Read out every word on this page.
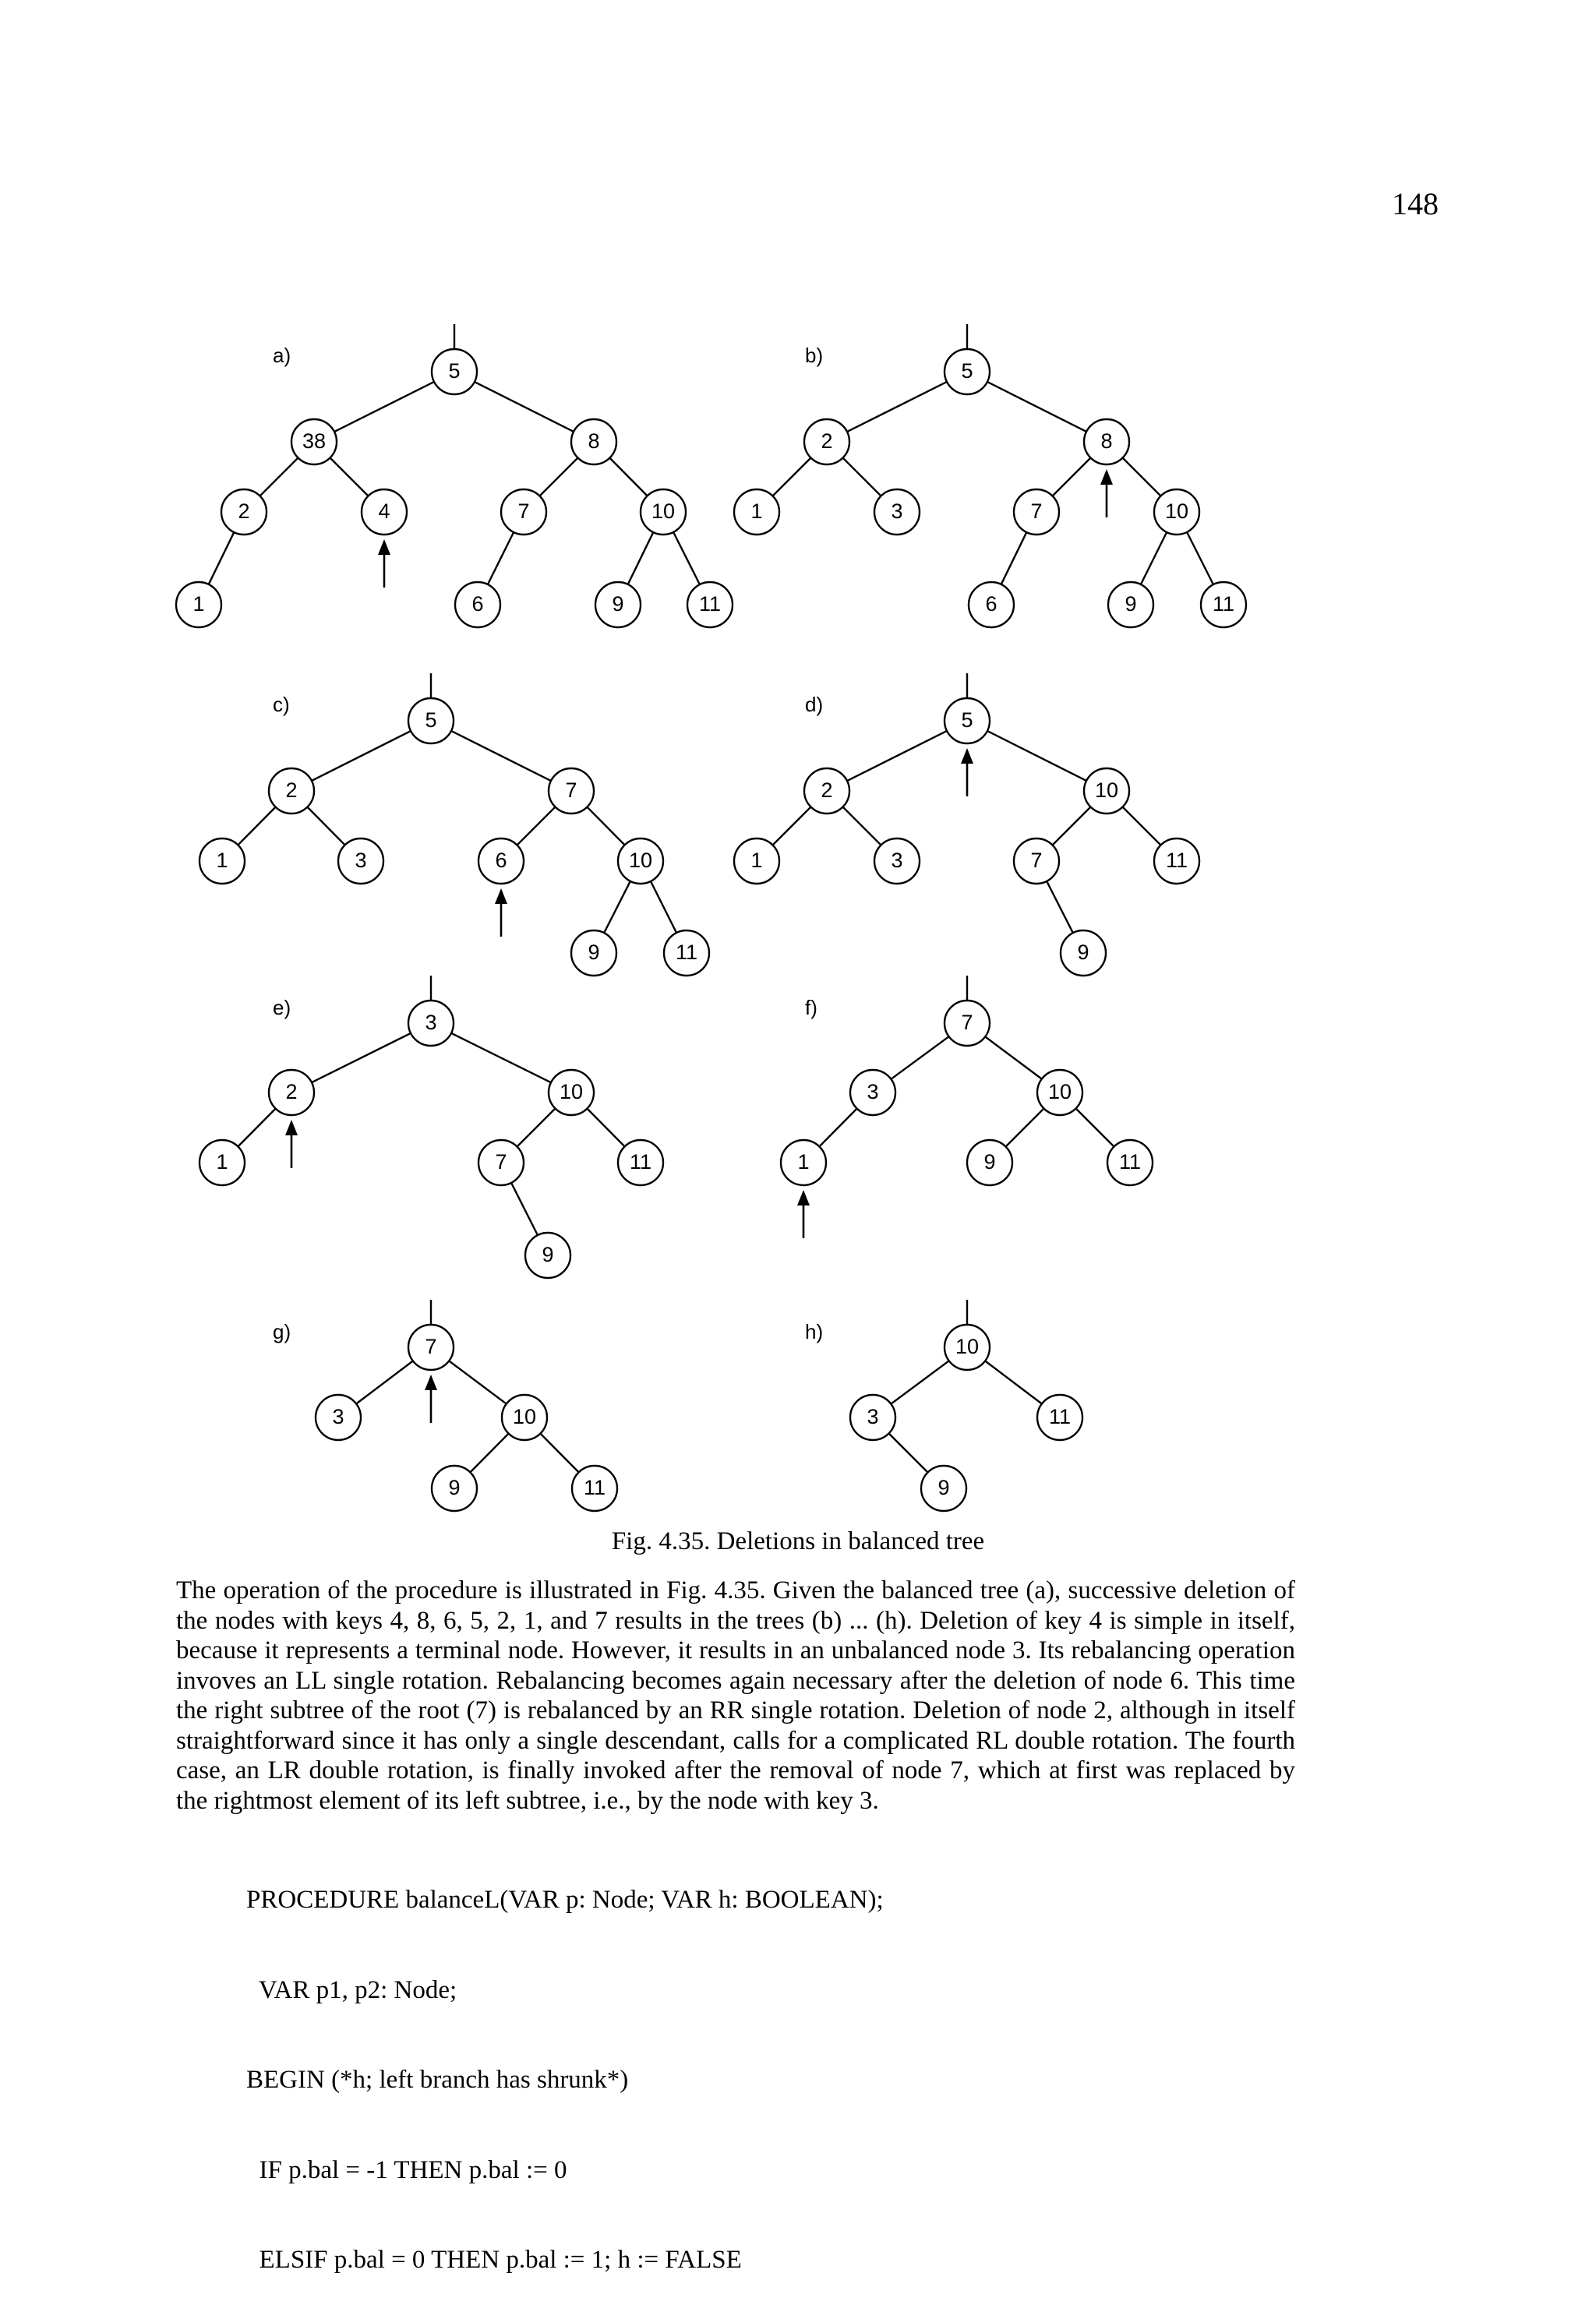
148
a)
5
38	8
2	4	7	10
1	6	9	11
b)
5
2	8
1	3	7	10
6	9	11
c)
5
2	7
1	3	6	10
9	11
d)
5
2	10
1	3	7	11
9
e)
3
2	10
1	7	11
9
f)
7
3	10
1	9	11
g)
7
3	10
9	11
h)
10
3	11
9

Fig. 4.35. Deletions in balanced tree

The operation of the procedure is illustrated in Fig. 4.35. Given the balanced tree (a), successive deletion of the nodes with keys 4, 8, 6, 5, 2, 1, and 7 results in the trees (b) ... (h). Deletion of key 4 is simple in itself, because it represents a terminal node. However, it results in an unbalanced node 3. Its rebalancing operation invoves an LL single rotation. Rebalancing becomes again necessary after the deletion of node 6. This time the right subtree of the root (7) is rebalanced by an RR single rotation. Deletion of node 2, although in itself straightforward since it has only a single descendant, calls for a complicated RL double rotation. The fourth case, an LR double rotation, is finally invoked after the removal of node 7, which at first was replaced by the rightmost element of its left subtree, i.e., by the node with key 3.

PROCEDURE balanceL(VAR p: Node; VAR h: BOOLEAN);

VAR p1, p2: Node;

BEGIN (*h; left branch has shrunk*)

IF p.bal = -1 THEN p.bal := 0

ELSIF p.bal = 0 THEN p.bal := 1; h := FALSE
